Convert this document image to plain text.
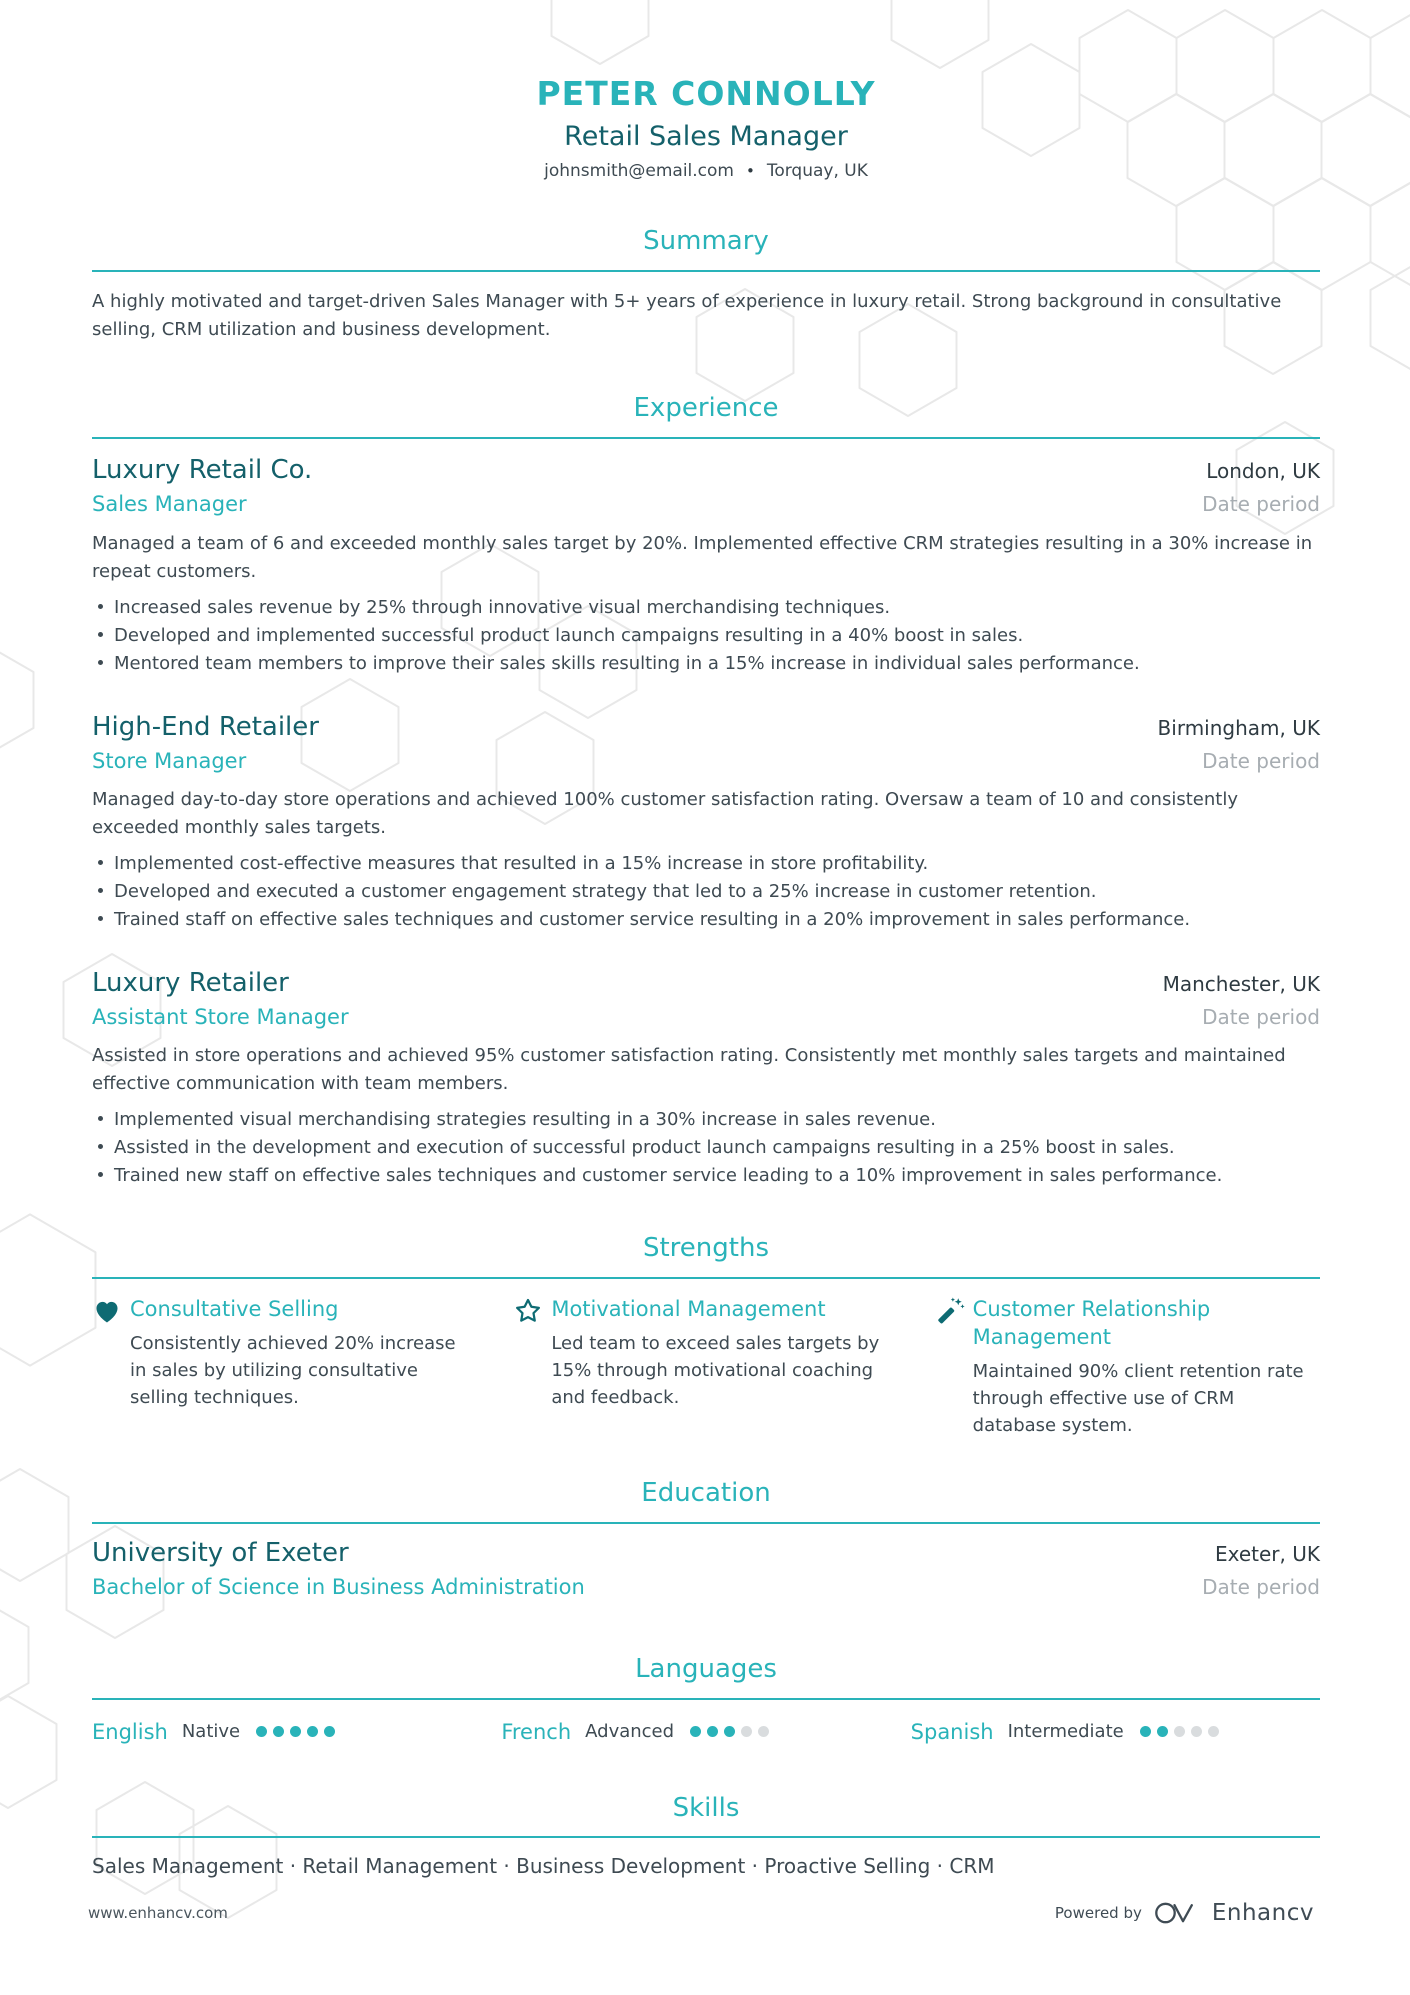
PETER CONNOLLY
Retail Sales Manager
johnsmith@email.com • Torquay, UK
Summary

A highly motivated and target-driven Sales Manager with 5+ years of experience in luxury retail. Strong background in consultative selling, CRM utilization and business development.

Experience
Luxury Retail Co.	London, UK
Sales Manager	Date period

Managed a team of 6 and exceeded monthly sales target by 20%. Implemented effective CRM strategies resulting in a 30% increase in repeat customers.

Increased sales revenue by 25% through innovative visual merchandising techniques.
Developed and implemented successful product launch campaigns resulting in a 40% boost in sales.
Mentored team members to improve their sales skills resulting in a 15% increase in individual sales performance.
High-End Retailer	Birmingham, UK
Store Manager	Date period

Managed day-to-day store operations and achieved 100% customer satisfaction rating. Oversaw a team of 10 and consistently exceeded monthly sales targets.

Implemented cost-effective measures that resulted in a 15% increase in store profitability.
Developed and executed a customer engagement strategy that led to a 25% increase in customer retention.
Trained staff on effective sales techniques and customer service resulting in a 20% improvement in sales performance.
Luxury Retailer	Manchester, UK
Assistant Store Manager	Date period

Assisted in store operations and achieved 95% customer satisfaction rating. Consistently met monthly sales targets and maintained effective communication with team members.

Implemented visual merchandising strategies resulting in a 30% increase in sales revenue.
Assisted in the development and execution of successful product launch campaigns resulting in a 25% boost in sales.
Trained new staff on effective sales techniques and customer service leading to a 10% improvement in sales performance.
Strengths
Consultative Selling
Consistently achieved 20% increase in sales by utilizing consultative selling techniques.
Motivational Management
Led team to exceed sales targets by 15% through motivational coaching and feedback.
Customer Relationship Management
Maintained 90% client retention rate through effective use of CRM database system.
Education
University of Exeter	Exeter, UK
Bachelor of Science in Business Administration	Date period
Languages
English Native	French Advanced	Spanish Intermediate
Skills
Sales Management · Retail Management · Business Development · Proactive Selling · CRM
www.enhancv.com	Powered by	Enhancv
